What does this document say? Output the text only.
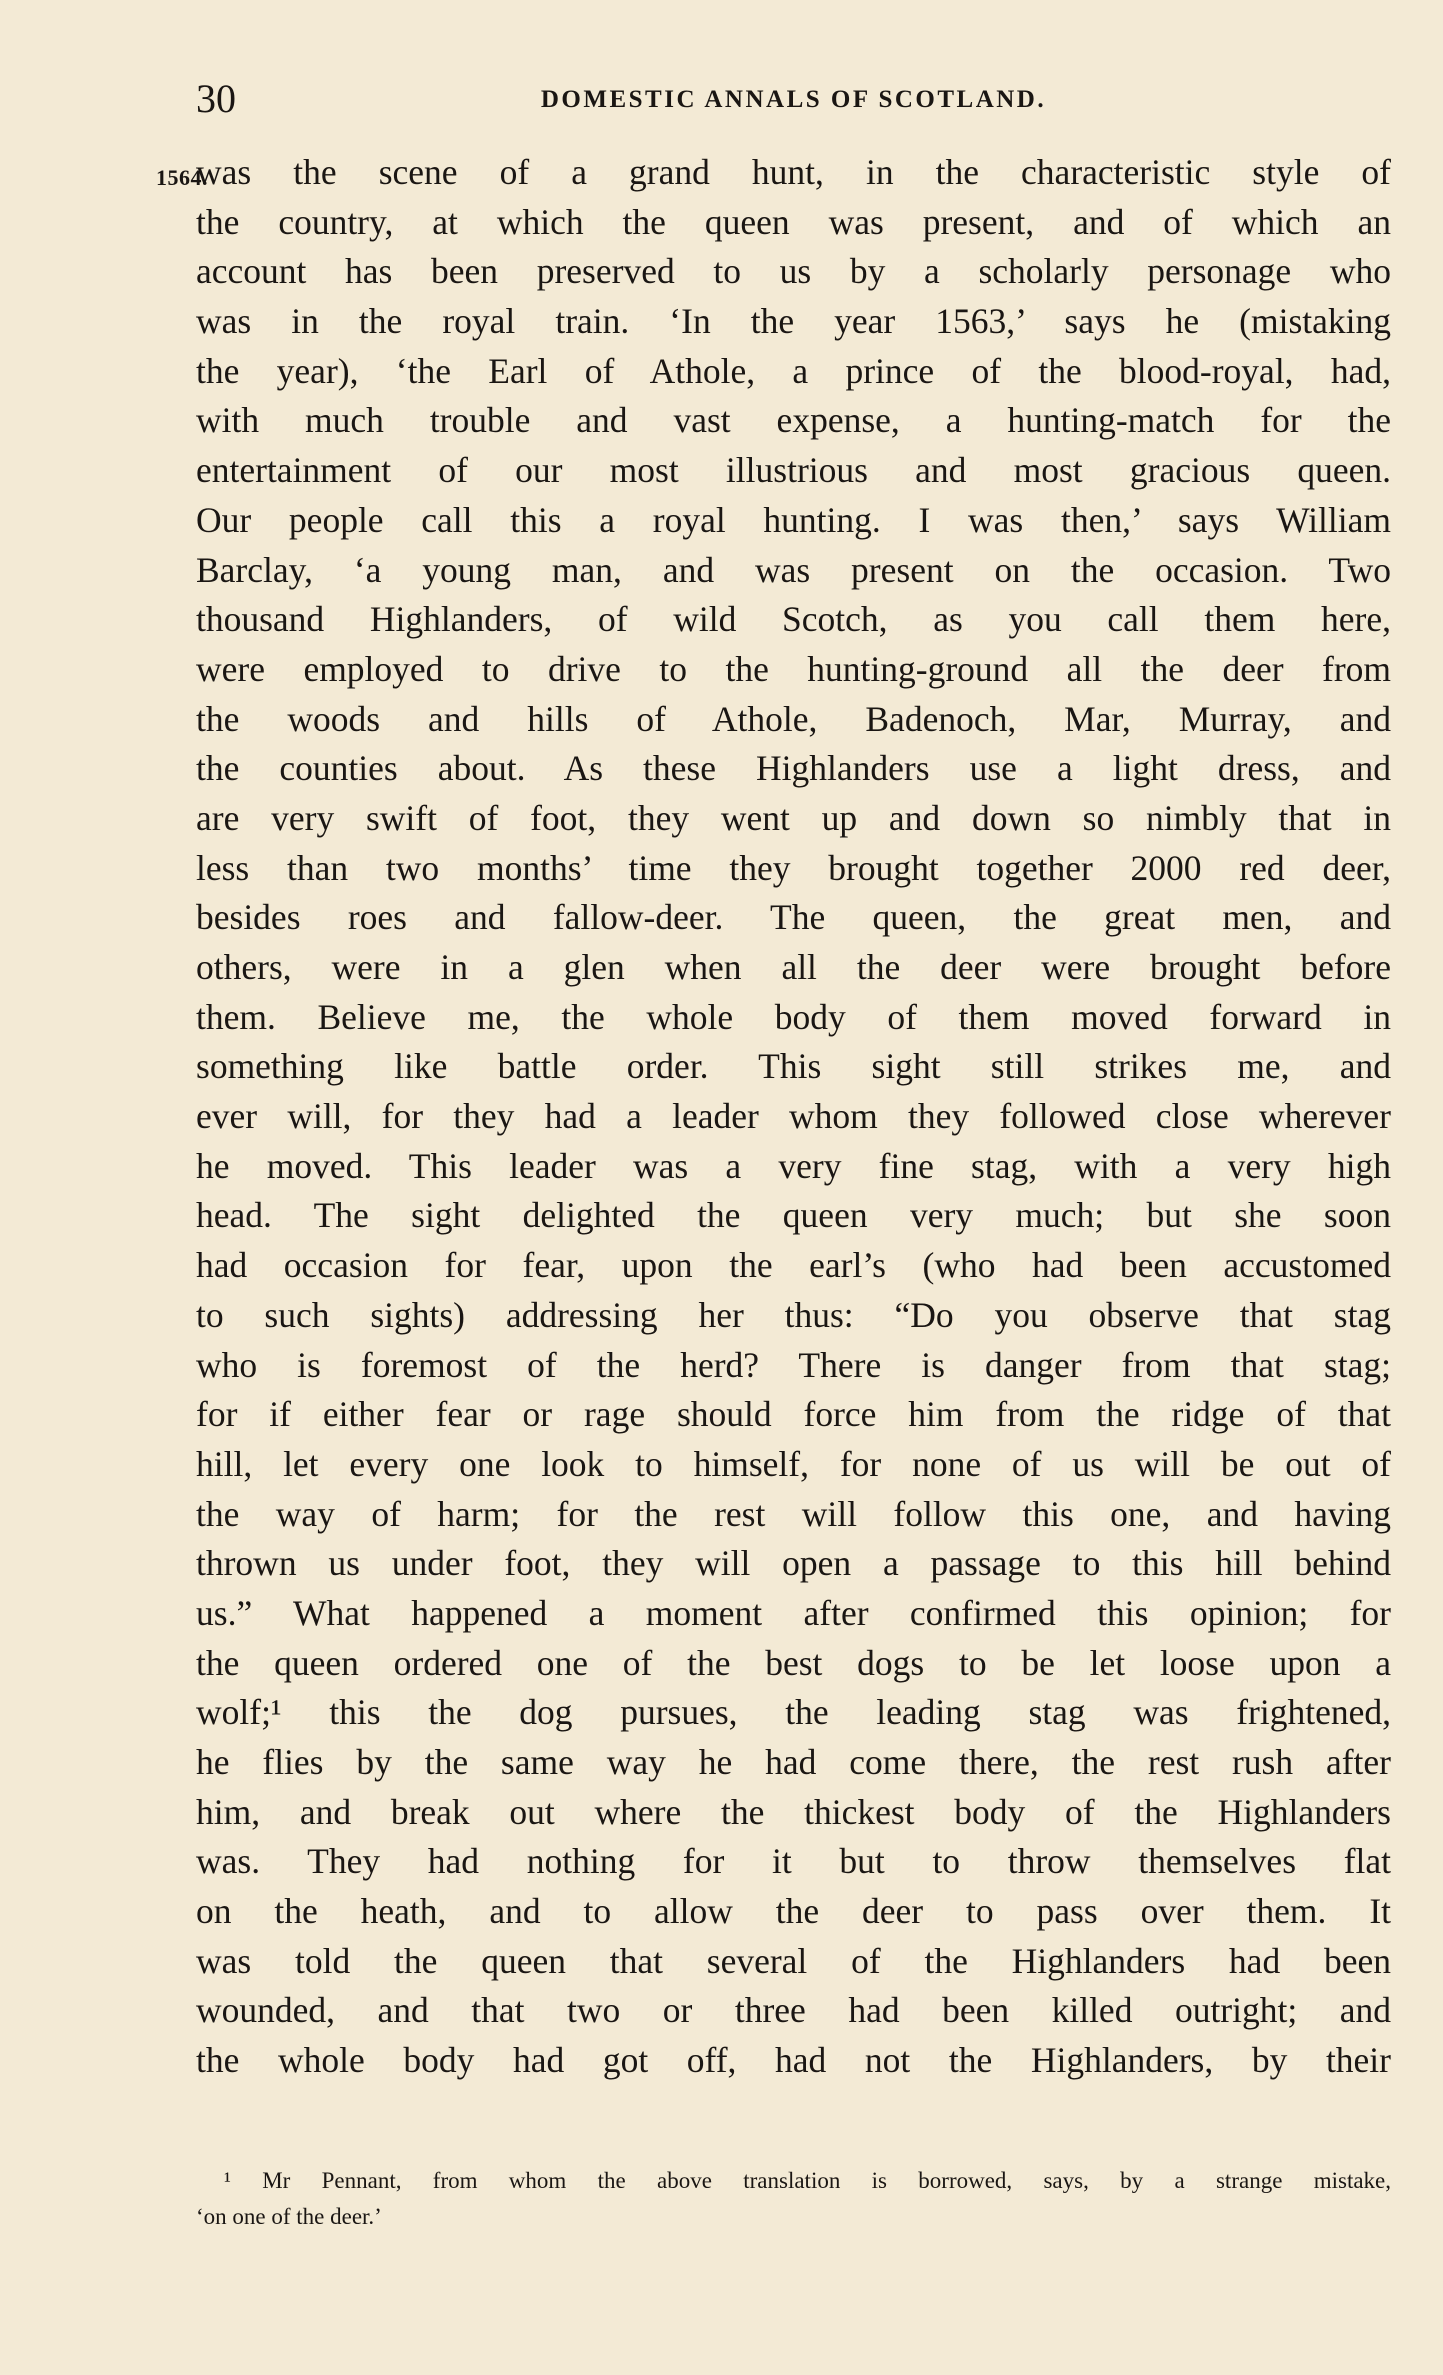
30	DOMESTIC ANNALS OF SCOTLAND.
1564.
was the scene of a grand hunt, in the characteristic style of
the country, at which the queen was present, and of which an
account has been preserved to us by a scholarly personage who
was in the royal train. ‘In the year 1563,’ says he (mistaking
the year), ‘the Earl of Athole, a prince of the blood-royal, had,
with much trouble and vast expense, a hunting-match for the
entertainment of our most illustrious and most gracious queen.
Our people call this a royal hunting. I was then,’ says William
Barclay, ‘a young man, and was present on the occasion. Two
thousand Highlanders, of wild Scotch, as you call them here,
were employed to drive to the hunting-ground all the deer from
the woods and hills of Athole, Badenoch, Mar, Murray, and
the counties about. As these Highlanders use a light dress, and
are very swift of foot, they went up and down so nimbly that in
less than two months’ time they brought together 2000 red deer,
besides roes and fallow-deer. The queen, the great men, and
others, were in a glen when all the deer were brought before
them. Believe me, the whole body of them moved forward in
something like battle order. This sight still strikes me, and
ever will, for they had a leader whom they followed close wherever
he moved. This leader was a very fine stag, with a very high
head. The sight delighted the queen very much; but she soon
had occasion for fear, upon the earl’s (who had been accustomed
to such sights) addressing her thus: “Do you observe that stag
who is foremost of the herd? There is danger from that stag;
for if either fear or rage should force him from the ridge of that
hill, let every one look to himself, for none of us will be out of
the way of harm; for the rest will follow this one, and having
thrown us under foot, they will open a passage to this hill behind
us.” What happened a moment after confirmed this opinion; for
the queen ordered one of the best dogs to be let loose upon a
wolf;¹ this the dog pursues, the leading stag was frightened,
he flies by the same way he had come there, the rest rush after
him, and break out where the thickest body of the Highlanders
was. They had nothing for it but to throw themselves flat
on the heath, and to allow the deer to pass over them. It
was told the queen that several of the Highlanders had been
wounded, and that two or three had been killed outright; and
the whole body had got off, had not the Highlanders, by their
¹ Mr Pennant, from whom the above translation is borrowed, says, by a strange mistake,
‘on one of the deer.’
